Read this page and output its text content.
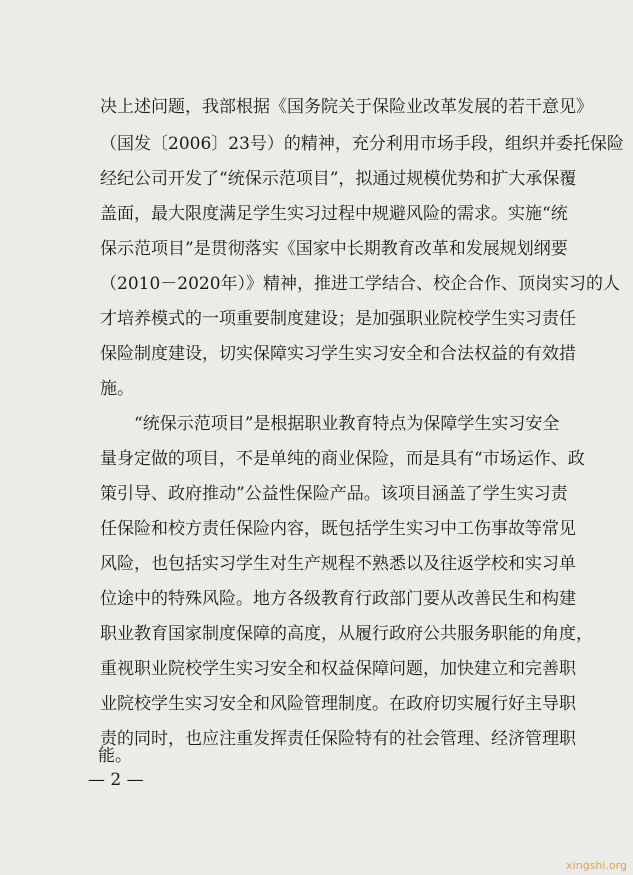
决上述问题，我部根据《国务院关于保险业改革发展的若干意见》
（国发〔2006〕23号）的精神，充分利用市场手段，组织并委托保险
经纪公司开发了“统保示范项目”，拟通过规模优势和扩大承保覆
盖面，最大限度满足学生实习过程中规避风险的需求。实施“统
保示范项目”是贯彻落实《国家中长期教育改革和发展规划纲要
（2010－2020年）》精神，推进工学结合、校企合作、顶岗实习的人
才培养模式的一项重要制度建设；是加强职业院校学生实习责任
保险制度建设，切实保障实习学生实习安全和合法权益的有效措
施。
　　“统保示范项目”是根据职业教育特点为保障学生实习安全
量身定做的项目，不是单纯的商业保险，而是具有“市场运作、政
策引导、政府推动”公益性保险产品。该项目涵盖了学生实习责
任保险和校方责任保险内容，既包括学生实习中工伤事故等常见
风险，也包括实习学生对生产规程不熟悉以及往返学校和实习单
位途中的特殊风险。地方各级教育行政部门要从改善民生和构建
职业教育国家制度保障的高度，从履行政府公共服务职能的角度，
重视职业院校学生实习安全和权益保障问题，加快建立和完善职
业院校学生实习安全和风险管理制度。在政府切实履行好主导职
责的同时，也应注重发挥责任保险特有的社会管理、经济管理职
能。
— 2 —
xingshi.org
